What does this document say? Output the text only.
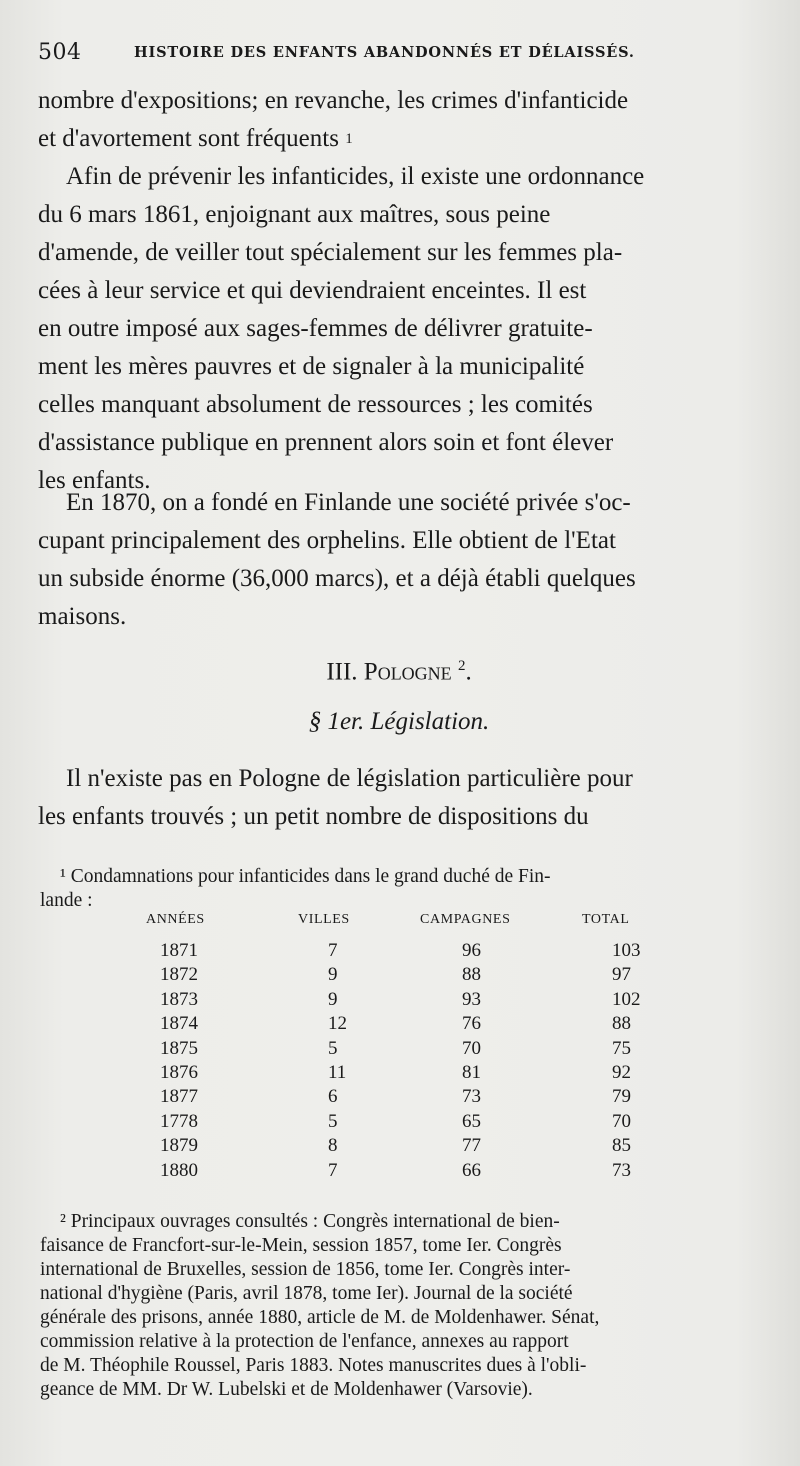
504	HISTOIRE DES ENFANTS ABANDONNÉS ET DÉLAISSÉS.
nombre d'expositions; en revanche, les crimes d'infanticide
et d'avortement sont fréquents
1
Afin de prévenir les infanticides, il existe une ordonnance
du 6 mars 1861, enjoignant aux maîtres, sous peine
d'amende, de veiller tout spécialement sur les femmes pla-
cées à leur service et qui deviendraient enceintes. Il est
en outre imposé aux sages-femmes de délivrer gratuite-
ment les mères pauvres et de signaler à la municipalité
celles manquant absolument de ressources ; les comités
d'assistance publique en prennent alors soin et font élever
les enfants.
En 1870, on a fondé en Finlande une société privée s'oc-
cupant principalement des orphelins. Elle obtient de l'Etat
un subside énorme (36,000 marcs), et a déjà établi quelques
maisons.
III. Pologne $^2$.
§ 1er. Législation.
Il n'existe pas en Pologne de législation particulière pour
les enfants trouvés ; un petit nombre de dispositions du
¹ Condamnations pour infanticides dans le grand duché de Fin-
lande :
ANNÉES	VILLES	CAMPAGNES	TOTAL
1871	7	96	103
1872	9	88	97
1873	9	93	102
1874	12	76	88
1875	5	70	75
1876	11	81	92
1877	6	73	79
1778	5	65	70
1879	8	77	85
1880	7	66	73
² Principaux ouvrages consultés : Congrès international de bien-
faisance de Francfort-sur-le-Mein, session 1857, tome Ier. Congrès
international de Bruxelles, session de 1856, tome Ier. Congrès inter-
national d'hygiène (Paris, avril 1878, tome Ier). Journal de la société
générale des prisons, année 1880, article de M. de Moldenhawer. Sénat,
commission relative à la protection de l'enfance, annexes au rapport
de M. Théophile Roussel, Paris 1883. Notes manuscrites dues à l'obli-
geance de MM. Dr W. Lubelski et de Moldenhawer (Varsovie).
